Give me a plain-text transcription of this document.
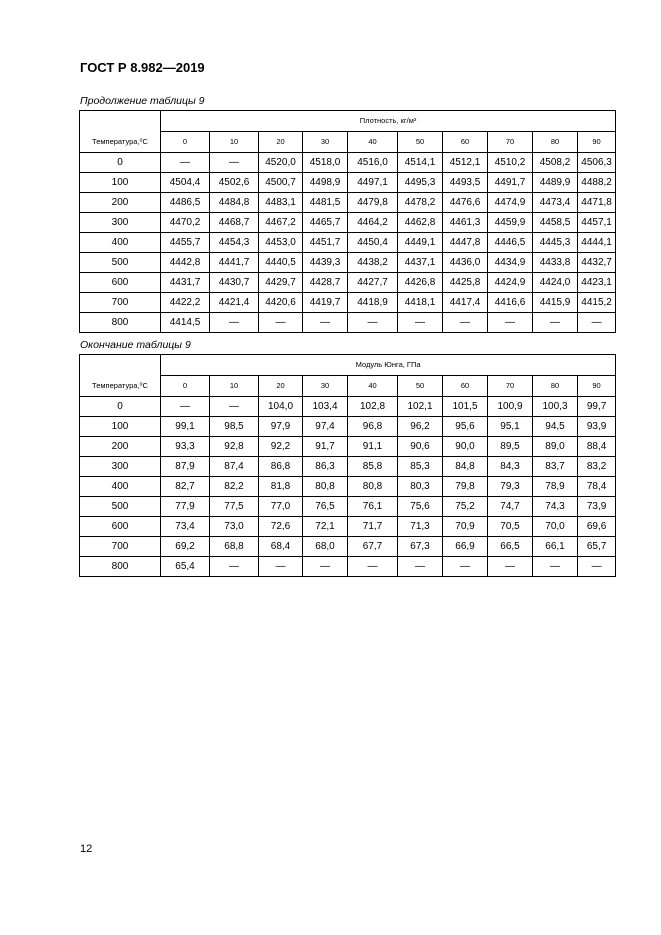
ГОСТ Р 8.982—2019
Продолжение таблицы 9
	Плотность, кг/м³									
Температура,⁰С	0	10	20	30	40	50	60	70	80	90
0	—	—	4520,0	4518,0	4516,0	4514,1	4512,1	4510,2	4508,2	4506,3
100	4504,4	4502,6	4500,7	4498,9	4497,1	4495,3	4493,5	4491,7	4489,9	4488,2
200	4486,5	4484,8	4483,1	4481,5	4479,8	4478,2	4476,6	4474,9	4473,4	4471,8
300	4470,2	4468,7	4467,2	4465,7	4464,2	4462,8	4461,3	4459,9	4458,5	4457,1
400	4455,7	4454,3	4453,0	4451,7	4450,4	4449,1	4447,8	4446,5	4445,3	4444,1
500	4442,8	4441,7	4440,5	4439,3	4438,2	4437,1	4436,0	4434,9	4433,8	4432,7
600	4431,7	4430,7	4429,7	4428,7	4427,7	4426,8	4425,8	4424,9	4424,0	4423,1
700	4422,2	4421,4	4420,6	4419,7	4418,9	4418,1	4417,4	4416,6	4415,9	4415,2
800	4414,5	—	—	—	—	—	—	—	—	—
Окончание таблицы 9
	Модуль Юнга, ГПа									
Температура,⁰С	0	10	20	30	40	50	60	70	80	90
0	—	—	104,0	103,4	102,8	102,1	101,5	100,9	100,3	99,7
100	99,1	98,5	97,9	97,4	96,8	96,2	95,6	95,1	94,5	93,9
200	93,3	92,8	92,2	91,7	91,1	90,6	90,0	89,5	89,0	88,4
300	87,9	87,4	86,8	86,3	85,8	85,3	84,8	84,3	83,7	83,2
400	82,7	82,2	81,8	80,8	80,8	80,3	79,8	79,3	78,9	78,4
500	77,9	77,5	77,0	76,5	76,1	75,6	75,2	74,7	74,3	73,9
600	73,4	73,0	72,6	72,1	71,7	71,3	70,9	70,5	70,0	69,6
700	69,2	68,8	68,4	68,0	67,7	67,3	66,9	66,5	66,1	65,7
800	65,4	—	—	—	—	—	—	—	—	—
12
